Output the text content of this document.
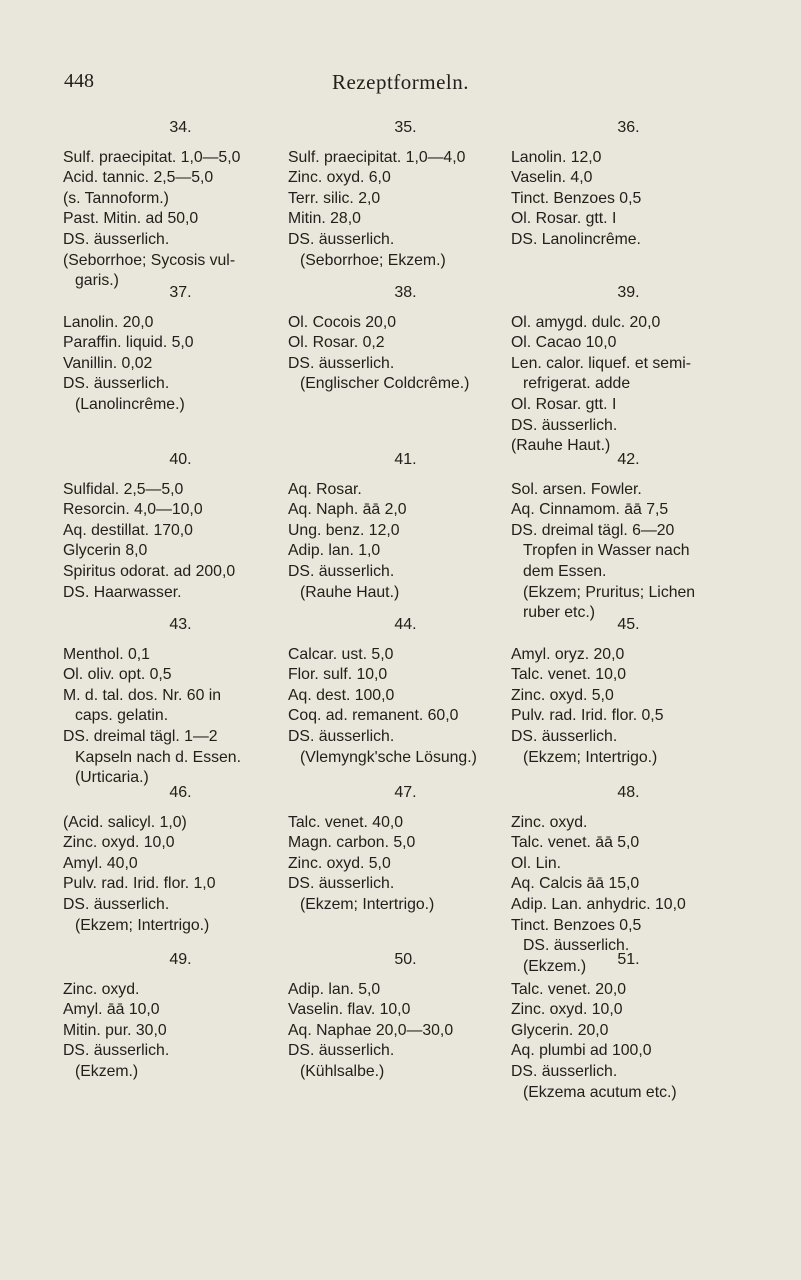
448	Rezeptformeln.
34.
Sulf. praecipitat. 1,0—5,0
Acid. tannic. 2,5—5,0
(s. Tannoform.)
Past. Mitin. ad 50,0
DS. äusserlich.
(Seborrhoe; Sycosis vul-
garis.)
35.
Sulf. praecipitat. 1,0—4,0
Zinc. oxyd. 6,0
Terr. silic. 2,0
Mitin. 28,0
DS. äusserlich.
(Seborrhoe; Ekzem.)
36.
Lanolin. 12,0
Vaselin. 4,0
Tinct. Benzoes 0,5
Ol. Rosar. gtt. I
DS. Lanolincrême.
37.
Lanolin. 20,0
Paraffin. liquid. 5,0
Vanillin. 0,02
DS. äusserlich.
(Lanolincrême.)
38.
Ol. Cocois 20,0
Ol. Rosar. 0,2
DS. äusserlich.
(Englischer Coldcrême.)
39.
Ol. amygd. dulc. 20,0
Ol. Cacao 10,0
Len. calor. liquef. et semi-
refrigerat. adde
Ol. Rosar. gtt. I
DS. äusserlich.
(Rauhe Haut.)
40.
Sulfidal. 2,5—5,0
Resorcin. 4,0—10,0
Aq. destillat. 170,0
Glycerin 8,0
Spiritus odorat. ad 200,0
DS. Haarwasser.
41.
Aq. Rosar.
Aq. Naph. āā 2,0
Ung. benz. 12,0
Adip. lan. 1,0
DS. äusserlich.
(Rauhe Haut.)
42.
Sol. arsen. Fowler.
Aq. Cinnamom. āā 7,5
DS. dreimal tägl. 6—20
Tropfen in Wasser nach
dem Essen.
(Ekzem; Pruritus; Lichen
ruber etc.)
43.
Menthol. 0,1
Ol. oliv. opt. 0,5
M. d. tal. dos. Nr. 60 in
caps. gelatin.
DS. dreimal tägl. 1—2
Kapseln nach d. Essen.
(Urticaria.)
44.
Calcar. ust. 5,0
Flor. sulf. 10,0
Aq. dest. 100,0
Coq. ad. remanent. 60,0
DS. äusserlich.
(Vlemyngk'sche Lösung.)
45.
Amyl. oryz. 20,0
Talc. venet. 10,0
Zinc. oxyd. 5,0
Pulv. rad. Irid. flor. 0,5
DS. äusserlich.
(Ekzem; Intertrigo.)
46.
(Acid. salicyl. 1,0)
Zinc. oxyd. 10,0
Amyl. 40,0
Pulv. rad. Irid. flor. 1,0
DS. äusserlich.
(Ekzem; Intertrigo.)
47.
Talc. venet. 40,0
Magn. carbon. 5,0
Zinc. oxyd. 5,0
DS. äusserlich.
(Ekzem; Intertrigo.)
48.
Zinc. oxyd.
Talc. venet. āā 5,0
Ol. Lin.
Aq. Calcis āā 15,0
Adip. Lan. anhydric. 10,0
Tinct. Benzoes 0,5
DS. äusserlich.
(Ekzem.)
49.
Zinc. oxyd.
Amyl. āā 10,0
Mitin. pur. 30,0
DS. äusserlich.
(Ekzem.)
50.
Adip. lan. 5,0
Vaselin. flav. 10,0
Aq. Naphae 20,0—30,0
DS. äusserlich.
(Kühlsalbe.)
51.
Talc. venet. 20,0
Zinc. oxyd. 10,0
Glycerin. 20,0
Aq. plumbi ad 100,0
DS. äusserlich.
(Ekzema acutum etc.)
